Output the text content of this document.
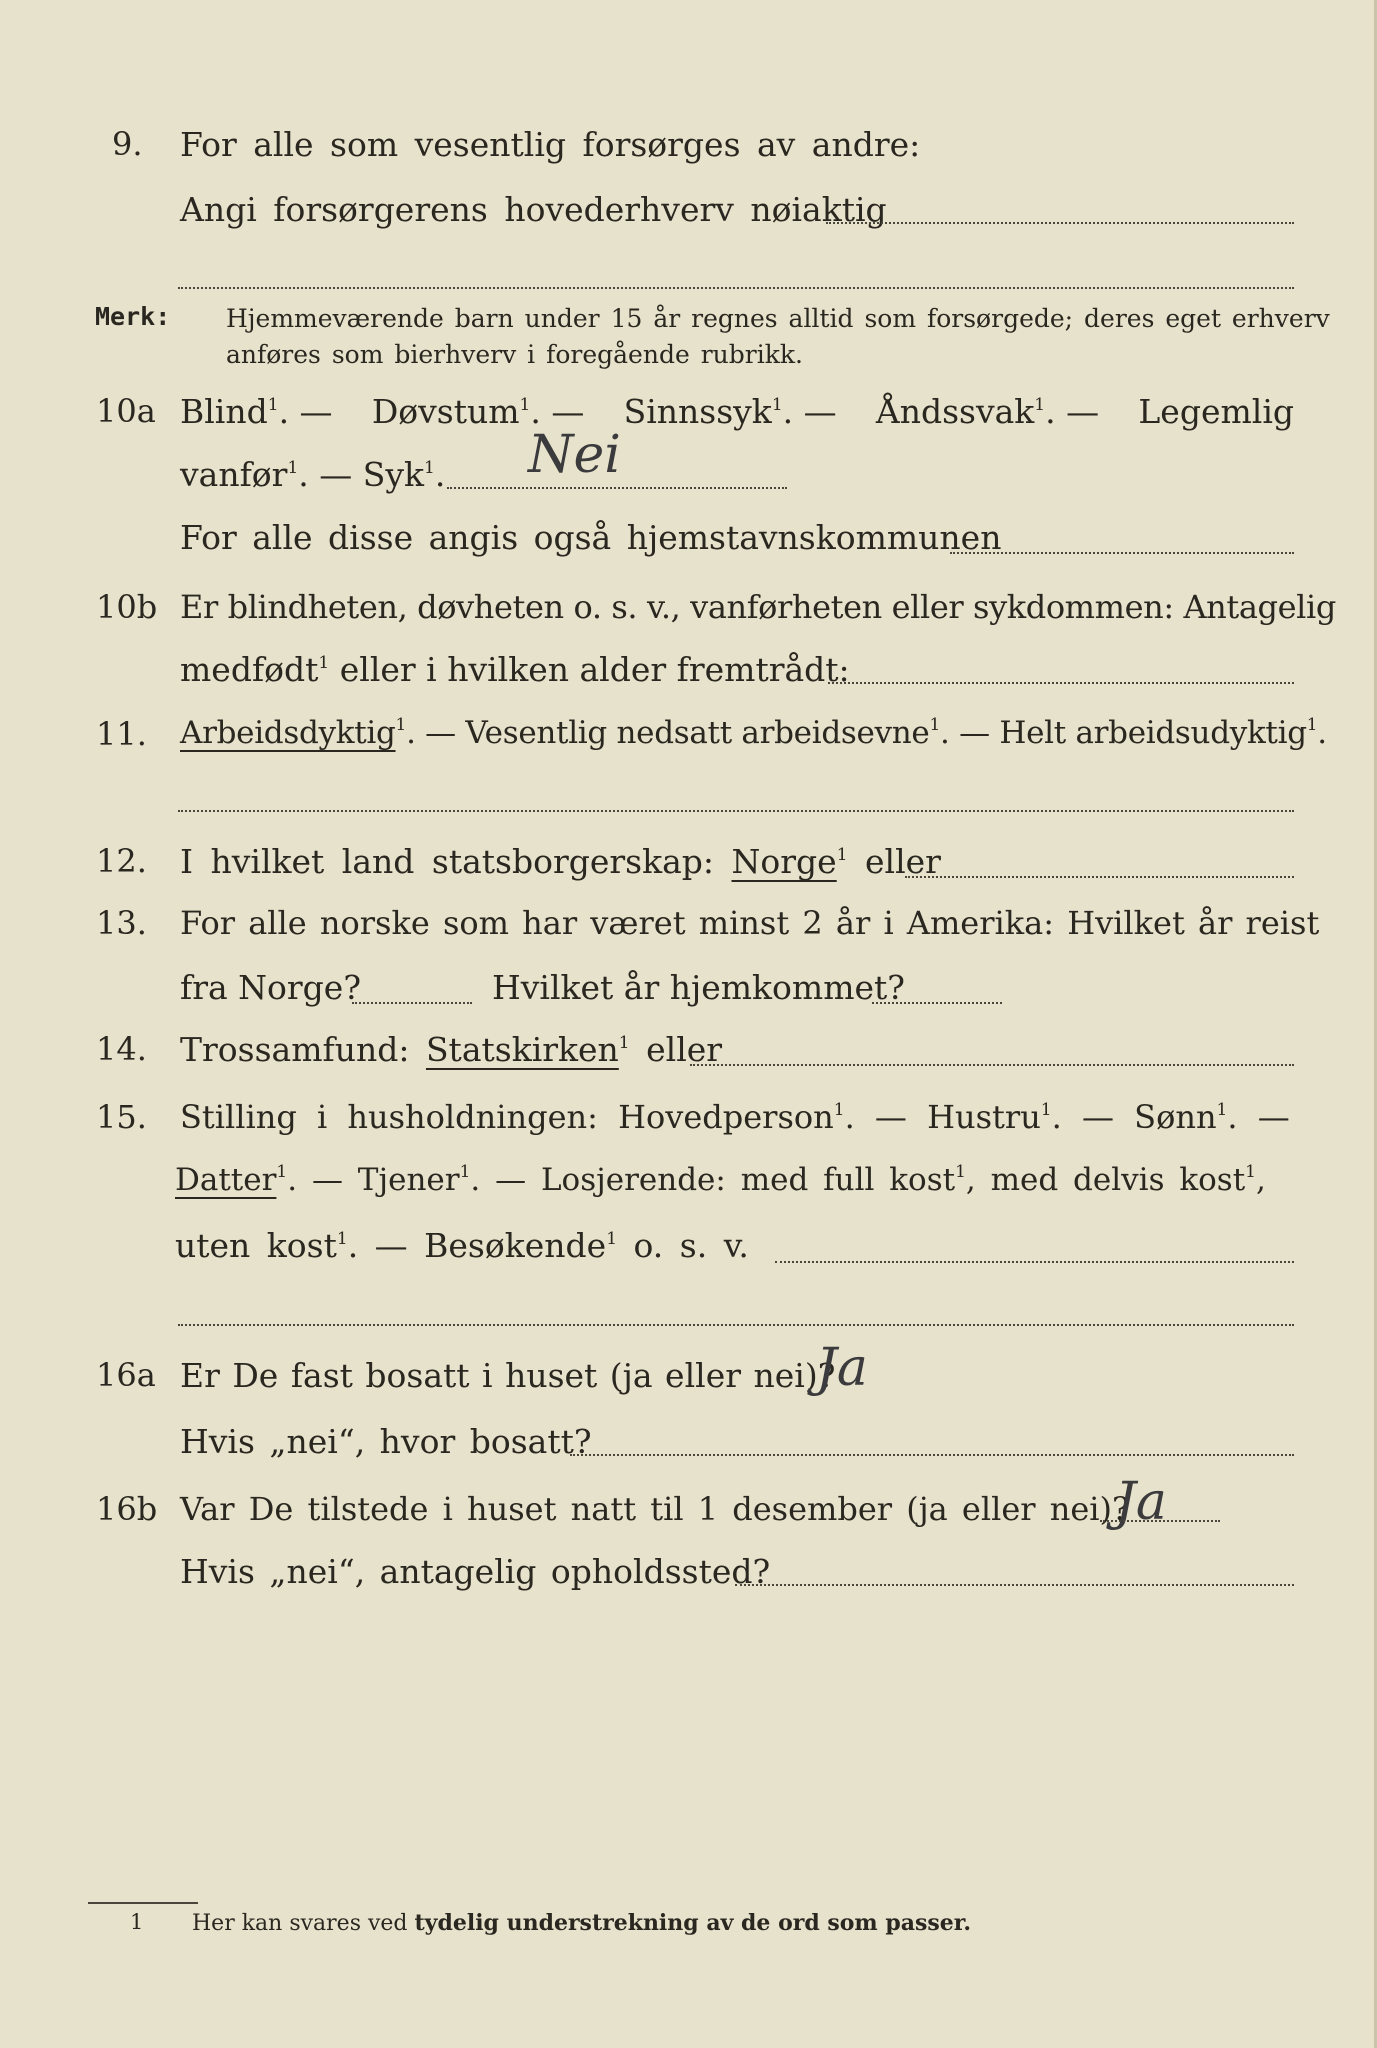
9. For alle som vesentlig forsørges av andre:
Angi forsørgerens hovederhverv nøiaktig
Merk: Hjemmeværende barn under 15 år regnes alltid som forsørgede; deres eget erhverv
anføres som bierhverv i foregående rubrikk.
10a Blind$^1$. — Døvstum$^1$. — Sinnssyk$^1$. — Åndssvak$^1$. — Legemlig
vanfør$^1$. — Syk$^1$. Nei
For alle disse angis også hjemstavnskommunen
10b Er blindheten, døvheten o. s. v., vanførheten eller sykdommen: Antagelig
medfødt$^1$ eller i hvilken alder fremtrådt:
11. Arbeidsdyktig$^1$. — Vesentlig nedsatt arbeidsevne$^1$. — Helt arbeidsudyktig$^1$.
12. I hvilket land statsborgerskap: Norge$^1$ eller
13. For alle norske som har været minst 2 år i Amerika: Hvilket år reist
fra Norge?	Hvilket år hjemkommet?
14. Trossamfund: Statskirken$^1$ eller
15. Stilling i husholdningen: Hovedperson$^1$. — Hustru$^1$. — Sønn$^1$. —
Datter$^1$. — Tjener$^1$. — Losjerende: med full kost$^1$, med delvis kost$^1$,
uten kost$^1$. — Besøkende$^1$ o. s. v.
16a Er De fast bosatt i huset (ja eller nei)?
Ja
Hvis „nei“, hvor bosatt?
16b Var De tilstede i huset natt til 1 desember (ja eller nei)?
Ja
Hvis „nei“, antagelig opholdssted?
1 Her kan svares ved tydelig understrekning av de ord som passer.
